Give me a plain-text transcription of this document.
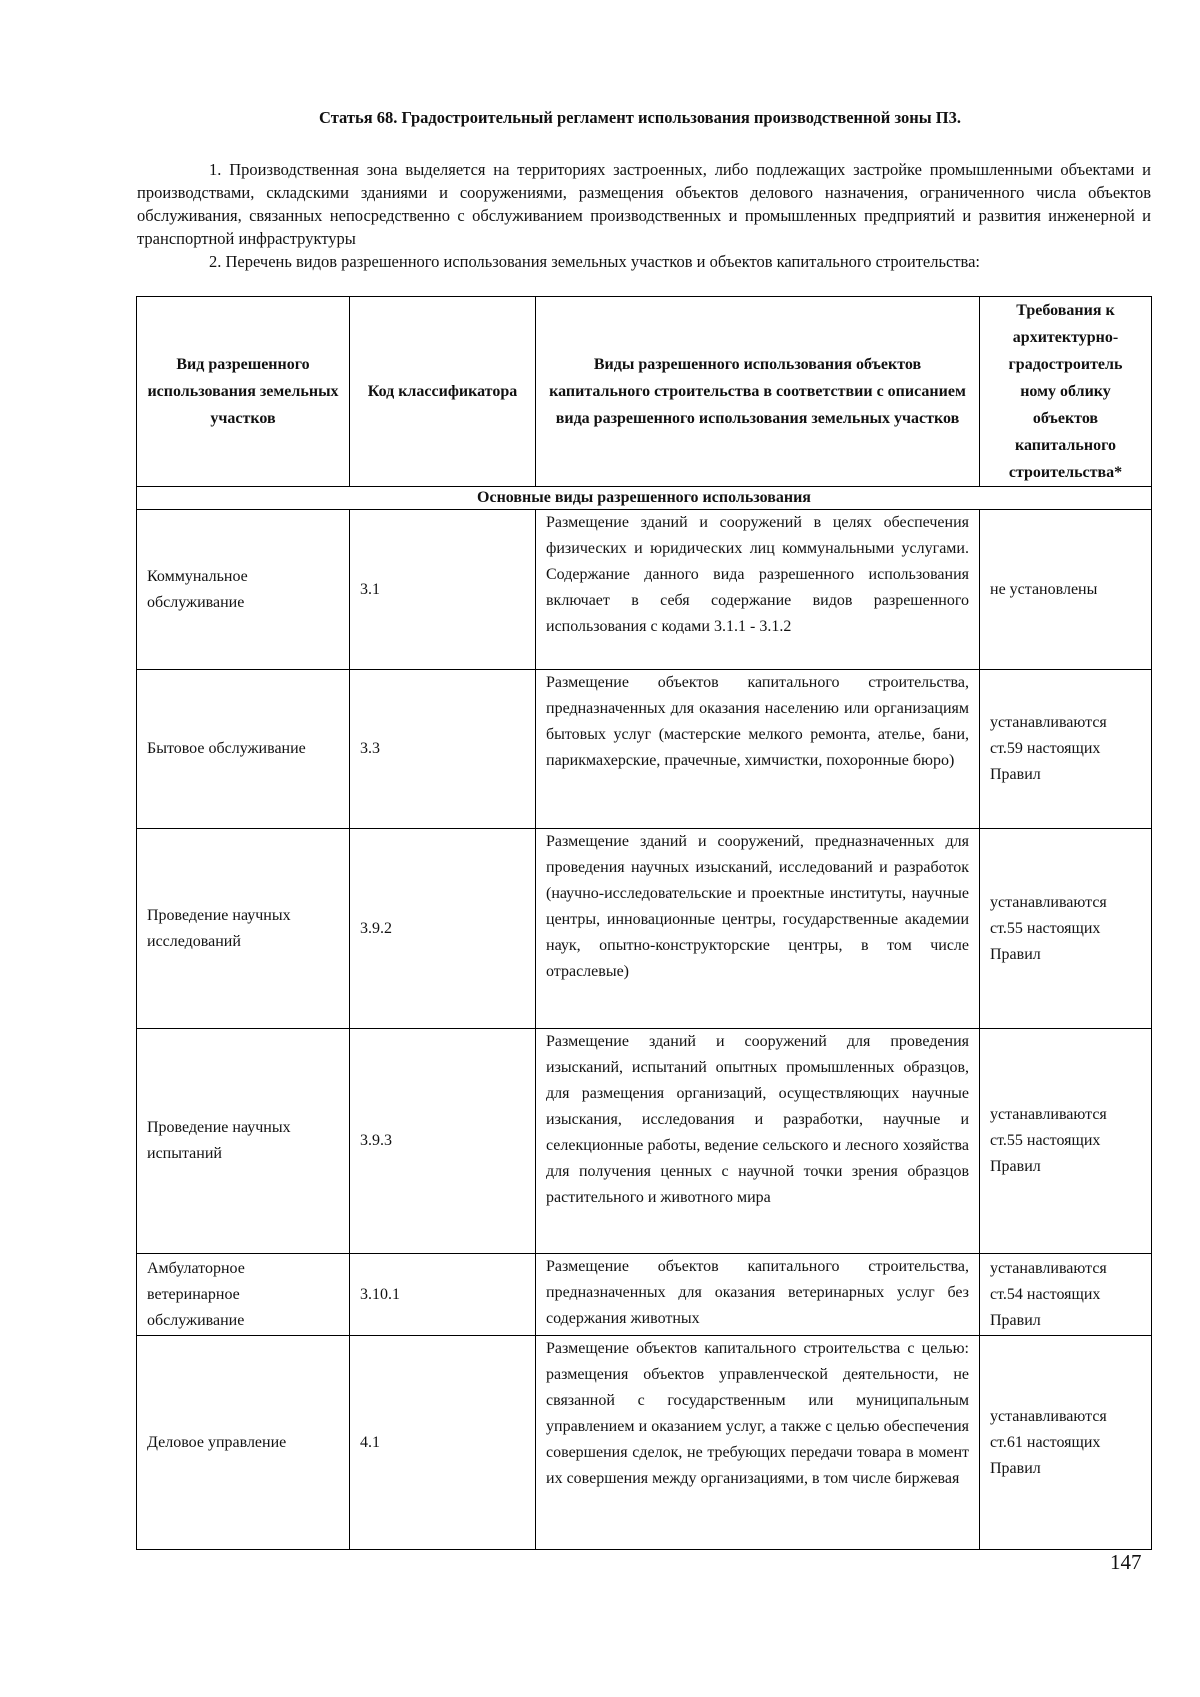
Статья 68. Градостроительный регламент использования производственной зоны П3.

1. Производственная зона выделяется на территориях застроенных, либо подлежащих застройке промышленными объектами и производствами, складскими зданиями и сооружениями, размещения объектов делового назначения, ограниченного числа объектов обслуживания, связанных непосредственно с обслуживанием производственных и промышленных предприятий и развития инженерной и транспортной инфраструктуры

2. Перечень видов разрешенного использования земельных участков и объектов капитального строительства:

Вид разрешенного использования земельных участков	Код классификатора	Виды разрешенного использования объектов капитального строительства в соответствии с описанием вида разрешенного использования земельных участков	Требования к архитектурно-градостроитель ному облику объектов капитального строительства*
Основные виды разрешенного использования			
Коммунальное обслуживание	3.1	Размещение зданий и сооружений в целях обеспечения физических и юридических лиц коммунальными услугами. Содержание данного вида разрешенного использования включает в себя содержание видов разрешенного использования с кодами 3.1.1 - 3.1.2	не установлены
Бытовое обслуживание	3.3	Размещение объектов капитального строительства, предназначенных для оказания населению или организациям бытовых услуг (мастерские мелкого ремонта, ателье, бани, парикмахерские, прачечные, химчистки, похоронные бюро)	устанавливаются ст.59 настоящих Правил
Проведение научных исследований	3.9.2	Размещение зданий и сооружений, предназначенных для проведения научных изысканий, исследований и разработок (научно-исследовательские и проектные институты, научные центры, инновационные центры, государственные академии наук, опытно-конструкторские центры, в том числе отраслевые)	устанавливаются ст.55 настоящих Правил
Проведение научных испытаний	3.9.3	Размещение зданий и сооружений для проведения изысканий, испытаний опытных промышленных образцов, для размещения организаций, осуществляющих научные изыскания, исследования и разработки, научные и селекционные работы, ведение сельского и лесного хозяйства для получения ценных с научной точки зрения образцов растительного и животного мира	устанавливаются ст.55 настоящих Правил
Амбулаторное ветеринарное обслуживание	3.10.1	Размещение объектов капитального строительства, предназначенных для оказания ветеринарных услуг без содержания животных	устанавливаются ст.54 настоящих Правил
Деловое управление	4.1	Размещение объектов капитального строительства с целью: размещения объектов управленческой деятельности, не связанной с государственным или муниципальным управлением и оказанием услуг, а также с целью обеспечения совершения сделок, не требующих передачи товара в момент их совершения между организациями, в том числе биржевая	устанавливаются ст.61 настоящих Правил
147
